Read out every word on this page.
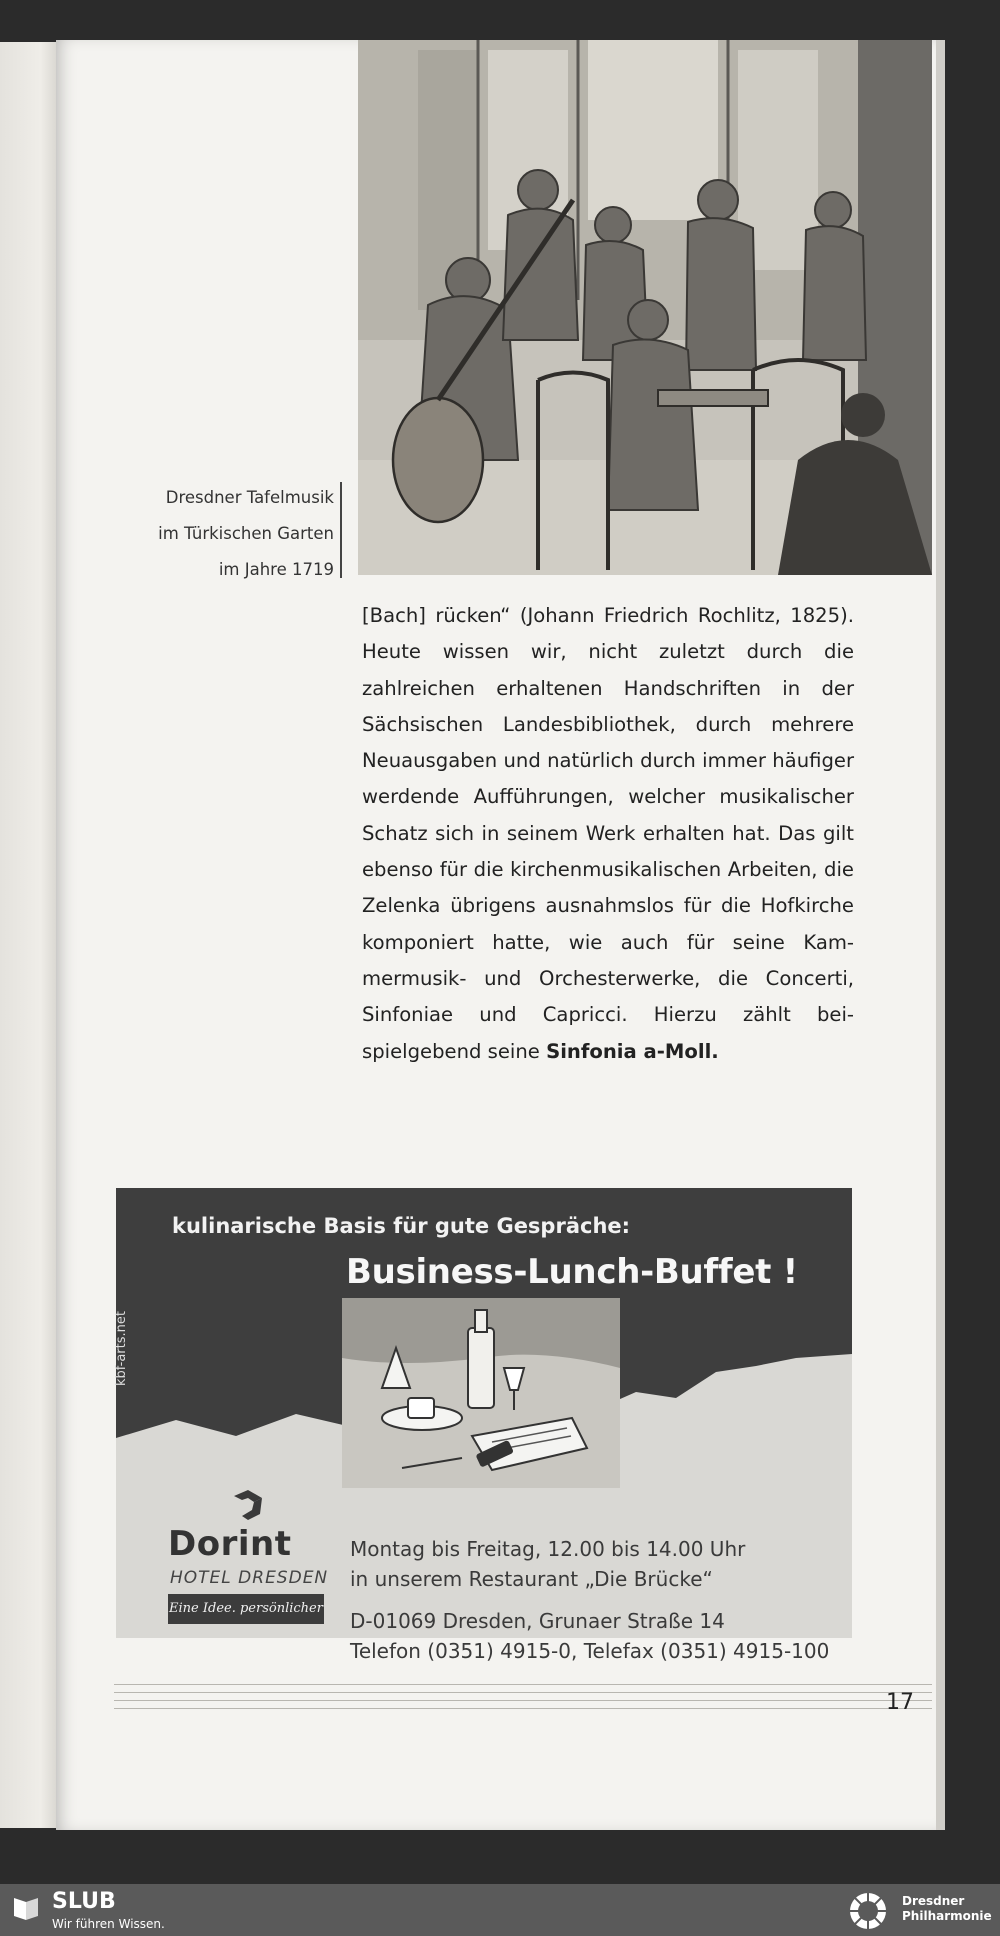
Dresdner Tafelmusik
im Türkischen Garten
im Jahre 1719
[Bach] rücken“ (Johann Friedrich Rochlitz, 1825). Heute wissen wir, nicht zuletzt durch die zahlreichen erhaltenen Handschriften in der Sächsischen Landesbibliothek, durch mehrere Neuausgaben und natürlich durch immer häufiger werdende Aufführungen, welcher musikalischer Schatz sich in seinem Werk erhalten hat. Das gilt ebenso für die kirchenmusikalischen Arbeiten, die Zelenka übrigens ausnahmslos für die Hofkirche komponiert hatte, wie auch für seine Kammermusik- und Orchesterwerke, die Concerti, Sinfoniae und Capricci. Hierzu zählt beispielgebend seine Sinfonia a-Moll.
kulinarische Basis für gute Gespräche:
Business-Lunch-Buffet !
kbf-arts.net
Dorint
HOTEL DRESDEN
Eine Idee. persönlicher
Montag bis Freitag, 12.00 bis 14.00 Uhr
in unserem Restaurant „Die Brücke“
D-01069 Dresden, Grunaer Straße 14
Telefon (0351) 4915-0, Telefax (0351) 4915-100
17
SLUB
Wir führen Wissen.
Dresdner
Philharmonie
